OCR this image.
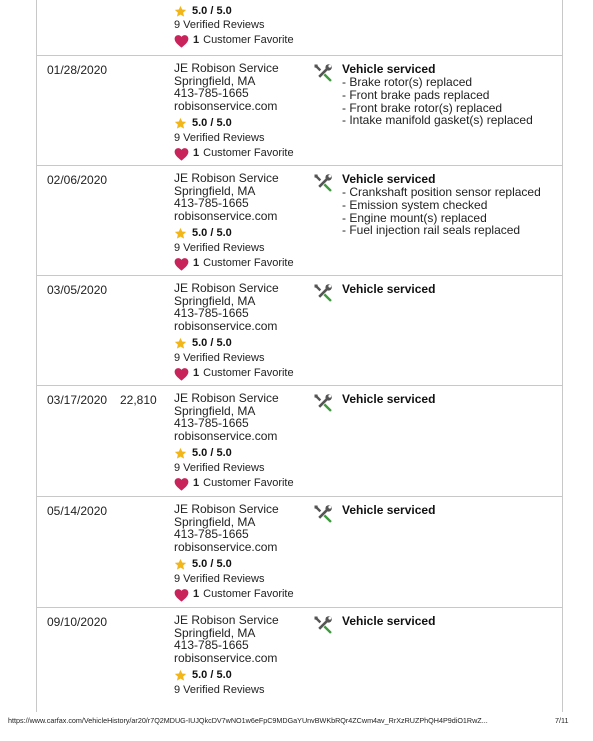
5.0 / 5.0
9 Verified Reviews
1 Customer Favorite
01/28/2020	JE Robison Service
Springfield, MA
413-785-1665
robisonservice.com
5.0 / 5.0
9 Verified Reviews
1 Customer Favorite
Vehicle serviced
- Brake rotor(s) replaced
- Front brake pads replaced
- Front brake rotor(s) replaced
- Intake manifold gasket(s) replaced
02/06/2020	JE Robison Service
Springfield, MA
413-785-1665
robisonservice.com
5.0 / 5.0
9 Verified Reviews
1 Customer Favorite
Vehicle serviced
- Crankshaft position sensor replaced
- Emission system checked
- Engine mount(s) replaced
- Fuel injection rail seals replaced
03/05/2020	JE Robison Service
Springfield, MA
413-785-1665
robisonservice.com
5.0 / 5.0
9 Verified Reviews
1 Customer Favorite
Vehicle serviced
03/17/2020 22,810 JE Robison Service
Springfield, MA
413-785-1665
robisonservice.com
5.0 / 5.0
9 Verified Reviews
1 Customer Favorite
Vehicle serviced
05/14/2020	JE Robison Service
Springfield, MA
413-785-1665
robisonservice.com
5.0 / 5.0
9 Verified Reviews
1 Customer Favorite
Vehicle serviced
09/10/2020	JE Robison Service
Springfield, MA
413-785-1665
robisonservice.com
5.0 / 5.0
9 Verified Reviews
Vehicle serviced
https://www.carfax.com/VehicleHistory/ar20/r7Q2MDUG-IUJQkcDV7wNO1w6eFpC9MDGaYUnvBWKbRQr4ZCwm4av_RrXzRUZPhQH4P9diO1RwZ...	7/11
